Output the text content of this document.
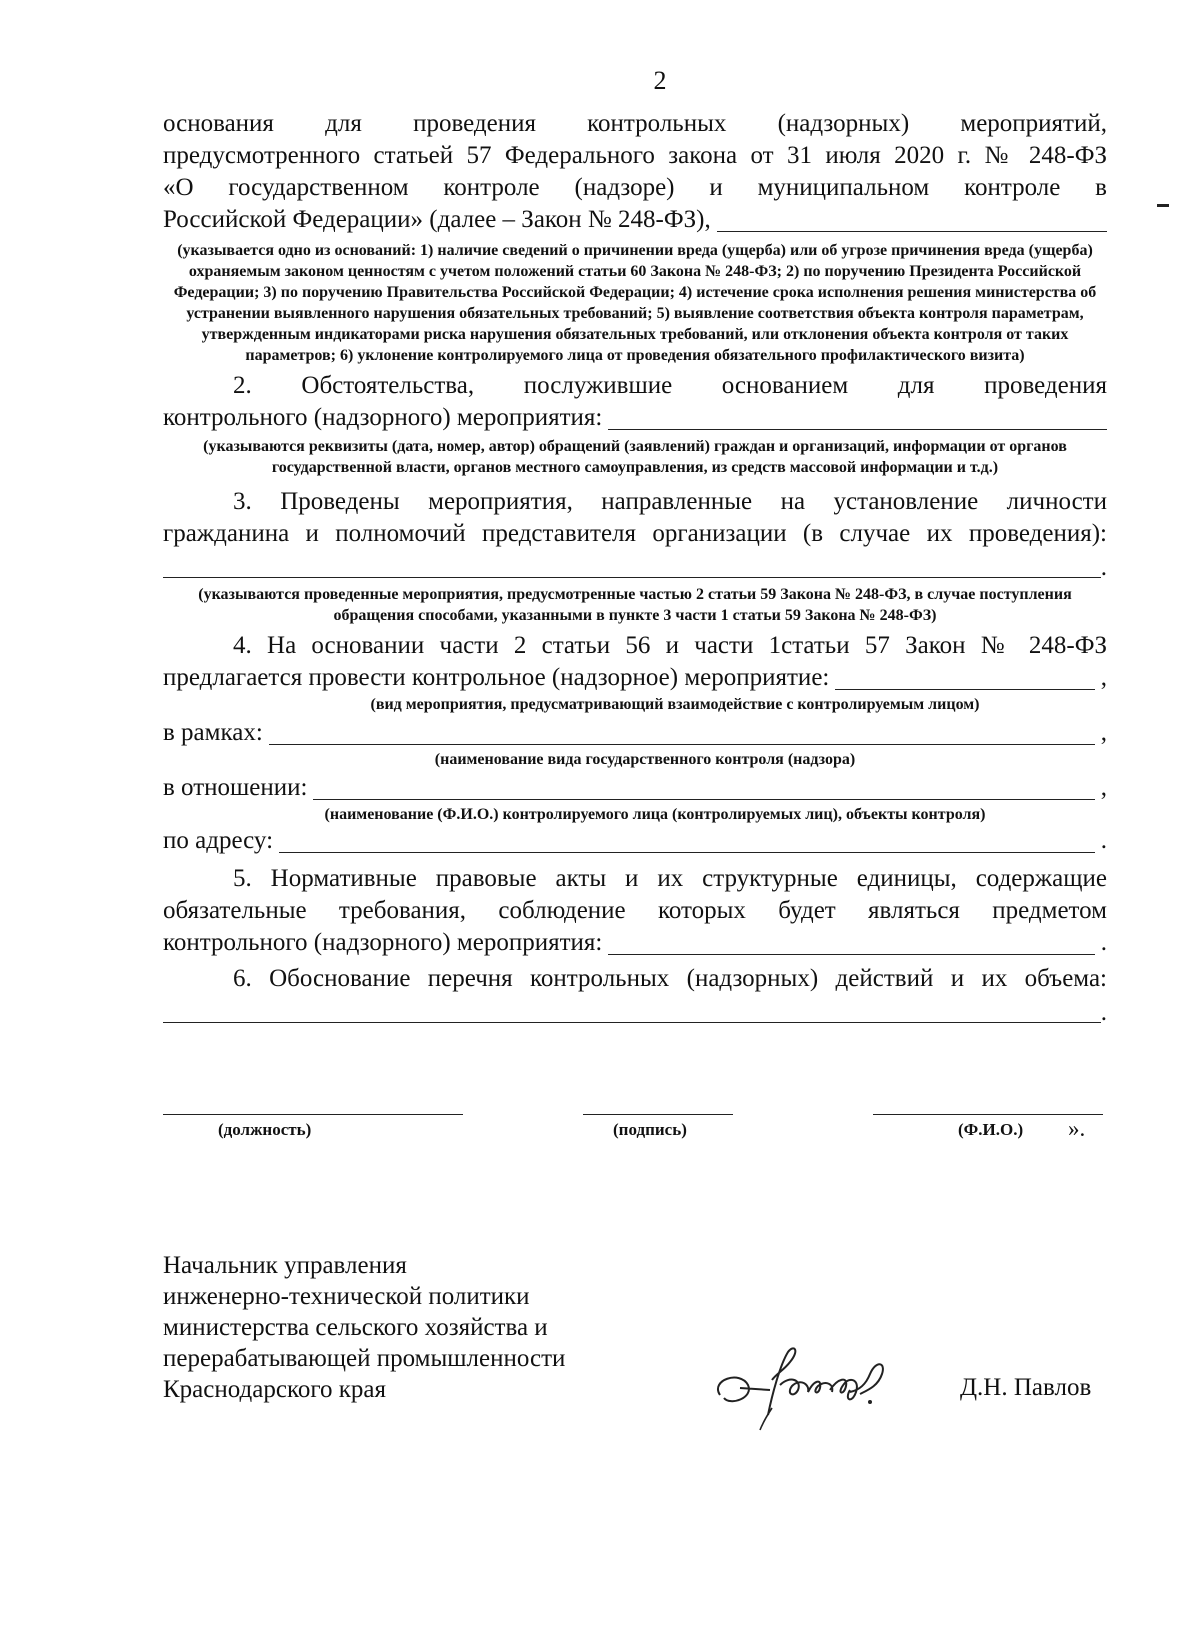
2

основания для проведения контрольных (надзорных) мероприятий,

предусмотренного статьей 57 Федерального закона от 31 июля 2020 г. № 248-ФЗ

«О государственном контроле (надзоре) и муниципальном контроле в

Российской Федерации» (далее – Закон № 248-ФЗ),

(указывается одно из оснований: 1) наличие сведений о причинении вреда (ущерба) или об угрозе причинения вреда (ущерба) охраняемым законом ценностям с учетом положений статьи 60 Закона № 248-ФЗ; 2) по поручению Президента Российской Федерации; 3) по поручению Правительства Российской Федерации; 4) истечение срока исполнения решения министерства об устранении выявленного нарушения обязательных требований; 5) выявление соответствия объекта контроля параметрам, утвержденным индикаторами риска нарушения обязательных требований, или отклонения объекта контроля от таких параметров; 6) уклонение контролируемого лица от проведения обязательного профилактического визита)

2. Обстоятельства, послужившие основанием для проведения

контрольного (надзорного) мероприятия:

(указываются реквизиты (дата, номер, автор) обращений (заявлений) граждан и организаций, информации от органов государственной власти, органов местного самоуправления, из средств массовой информации и т.д.)

3. Проведены мероприятия, направленные на установление личности

гражданина и полномочий представителя организации (в случае их проведения):

.

(указываются проведенные мероприятия, предусмотренные частью 2 статьи 59 Закона № 248-ФЗ, в случае поступления обращения способами, указанными в пункте 3 части 1 статьи 59 Закона № 248-ФЗ)

4. На основании части 2 статьи 56 и части 1статьи 57 Закон № 248-ФЗ

предлагается провести контрольное (надзорное) мероприятие:	,

(вид мероприятия, предусматривающий взаимодействие с контролируемым лицом)

в рамках:	,

(наименование вида государственного контроля (надзора)

в отношении:	,

(наименование (Ф.И.О.) контролируемого лица (контролируемых лиц), объекты контроля)

по адресу:	.

5. Нормативные правовые акты и их структурные единицы, содержащие

обязательные требования, соблюдение которых будет являться предметом

контрольного (надзорного) мероприятия:	.

6. Обоснование перечня контрольных (надзорных) действий и их объема:

.
(должность)	(подпись)	(Ф.И.О.) ».
Начальник управления
инженерно-технической политики
министерства сельского хозяйства и
перерабатывающей промышленности
Краснодарского края	Д.Н. Павлов
